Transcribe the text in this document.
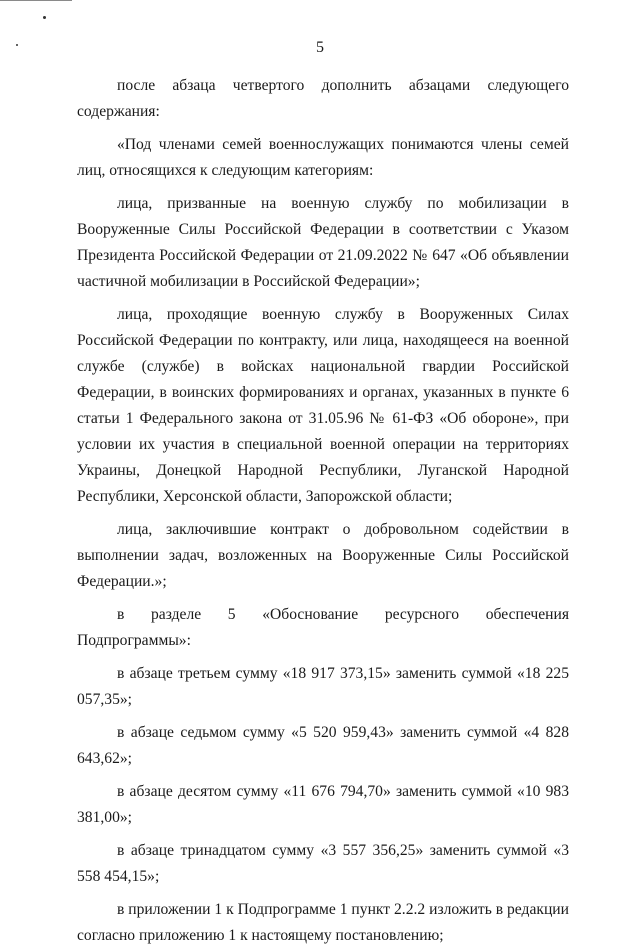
5

после абзаца четвертого дополнить абзацами следующего содержания:

«Под членами семей военнослужащих понимаются члены семей лиц, относящихся к следующим категориям:

лица, призванные на военную службу по мобилизации в Вооруженные Силы Российской Федерации в соответствии с Указом Президента Российской Федерации от 21.09.2022 № 647 «Об объявлении частичной мобилизации в Российской Федерации»;

лица, проходящие военную службу в Вооруженных Силах Российской Федерации по контракту, или лица, находящееся на военной службе (службе) в войсках национальной гвардии Российской Федерации, в воинских формированиях и органах, указанных в пункте 6 статьи 1 Федерального закона от 31.05.96 № 61-ФЗ «Об обороне», при условии их участия в специальной военной операции на территориях Украины, Донецкой Народной Республики, Луганской Народной Республики, Херсонской области, Запорожской области;

лица, заключившие контракт о добровольном содействии в выполнении задач, возложенных на Вооруженные Силы Российской Федерации.»;

в разделе 5 «Обоснование ресурсного обеспечения Подпрограммы»:

в абзаце третьем сумму «18 917 373,15» заменить суммой «18 225 057,35»;

в абзаце седьмом сумму «5 520 959,43» заменить суммой «4 828 643,62»;

в абзаце десятом сумму «11 676 794,70» заменить суммой «10 983 381,00»;

в абзаце тринадцатом сумму «3 557 356,25» заменить суммой «3 558 454,15»;

в приложении 1 к Подпрограмме 1 пункт 2.2.2 изложить в редакции согласно приложению 1 к настоящему постановлению;
